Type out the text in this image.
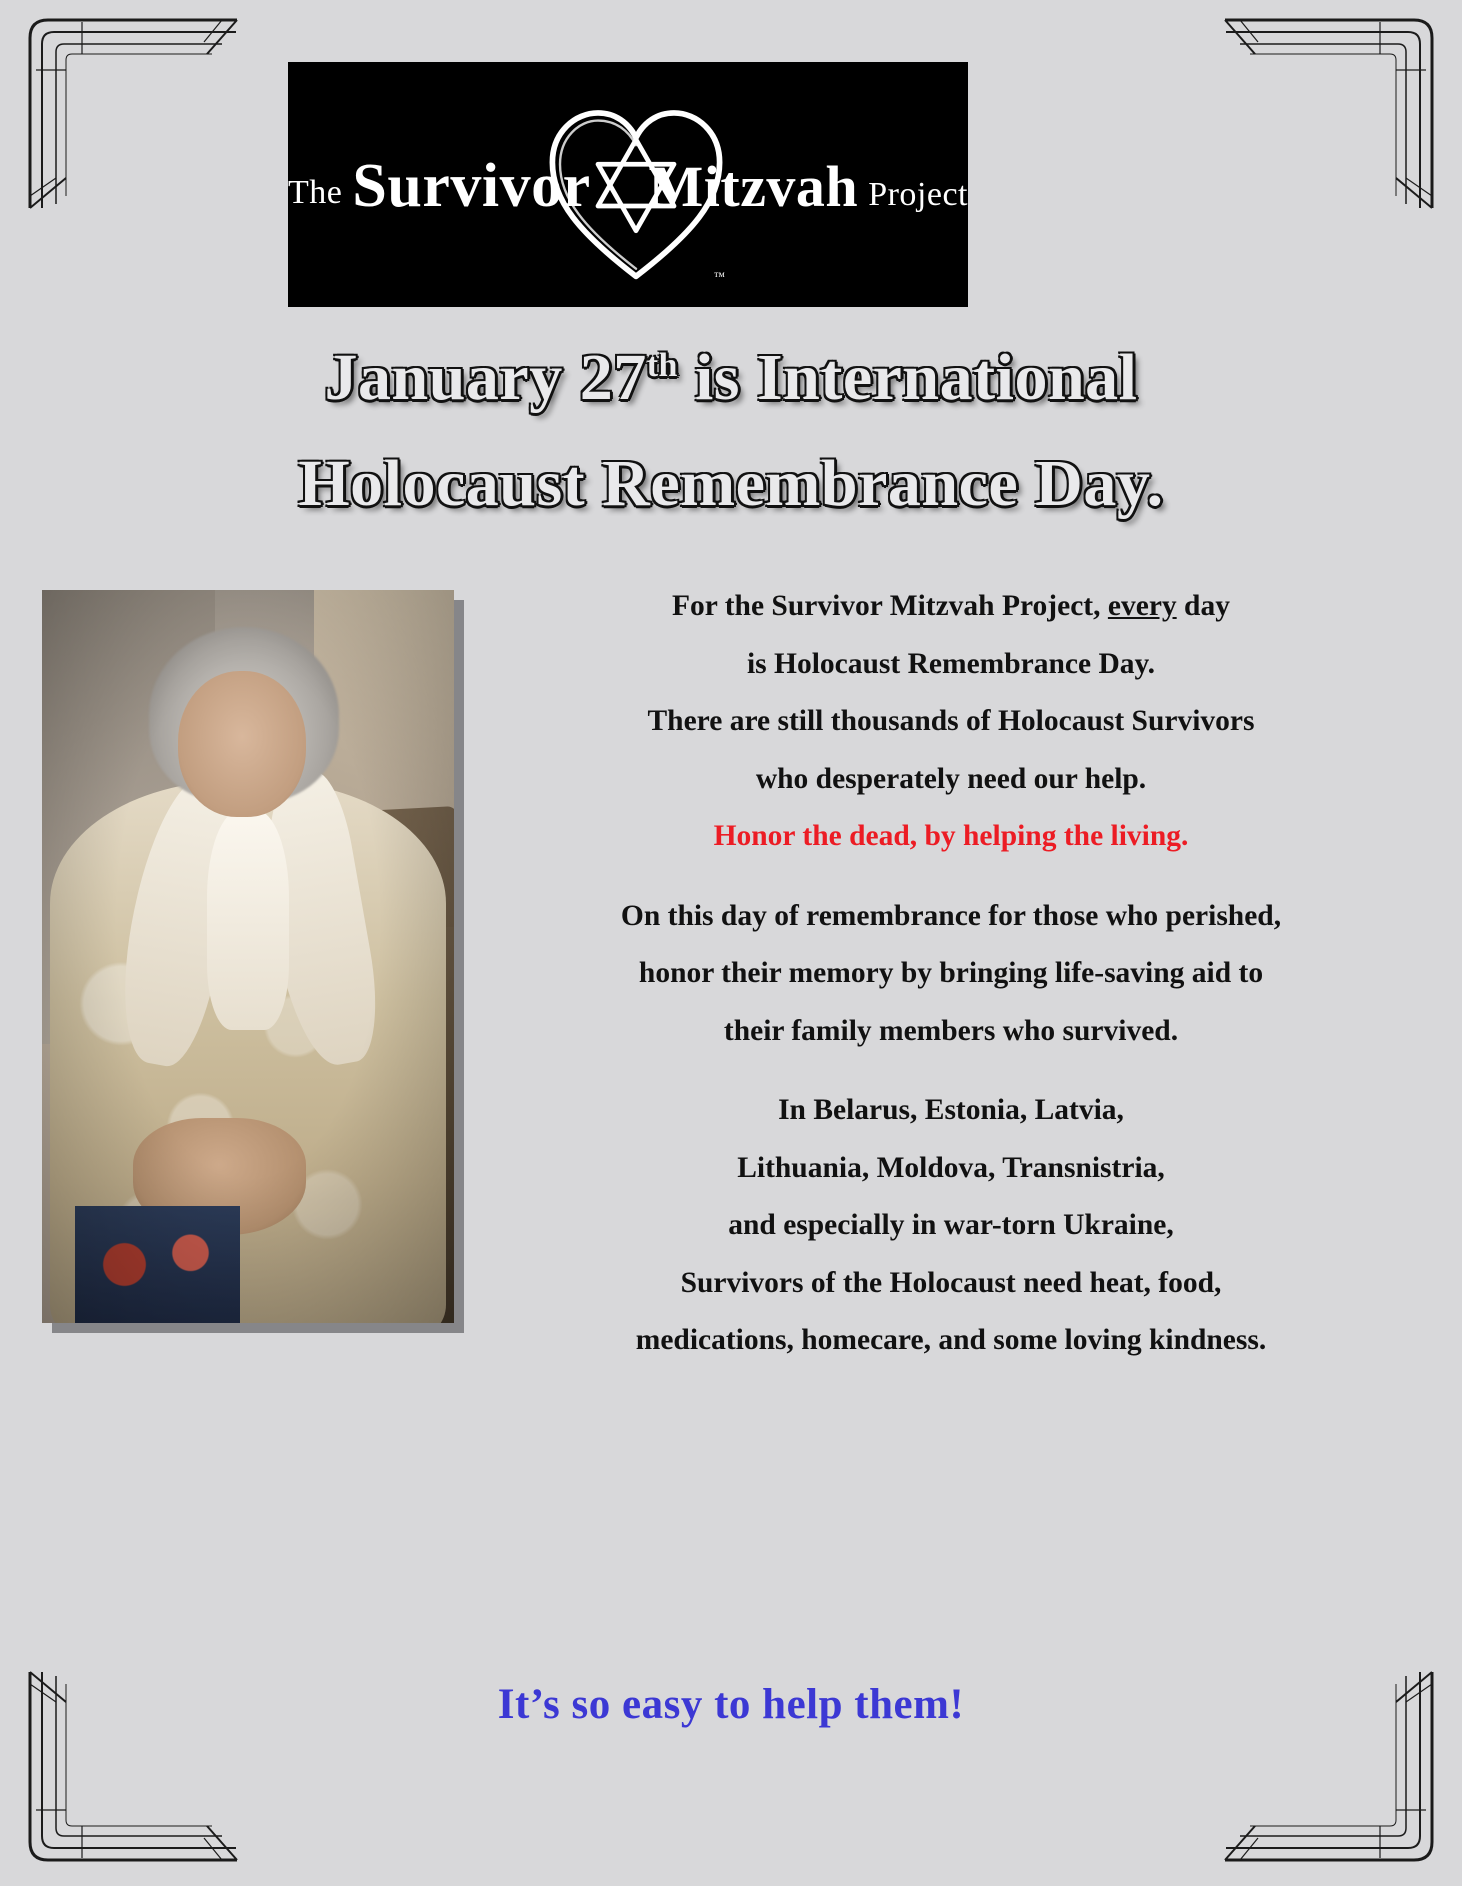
The Survivor Mitzvah Project
™
January 27th is International
Holocaust Remembrance Day.

For the Survivor Mitzvah Project, every day

is Holocaust Remembrance Day.

There are still thousands of Holocaust Survivors

who desperately need our help.

Honor the dead, by helping the living.

On this day of remembrance for those who perished,

honor their memory by bringing life-saving aid to

their family members who survived.

In Belarus, Estonia, Latvia,

Lithuania, Moldova, Transnistria,

and especially in war-torn Ukraine,

Survivors of the Holocaust need heat, food,

medications, homecare, and some loving kindness.

It’s so easy to help them!
